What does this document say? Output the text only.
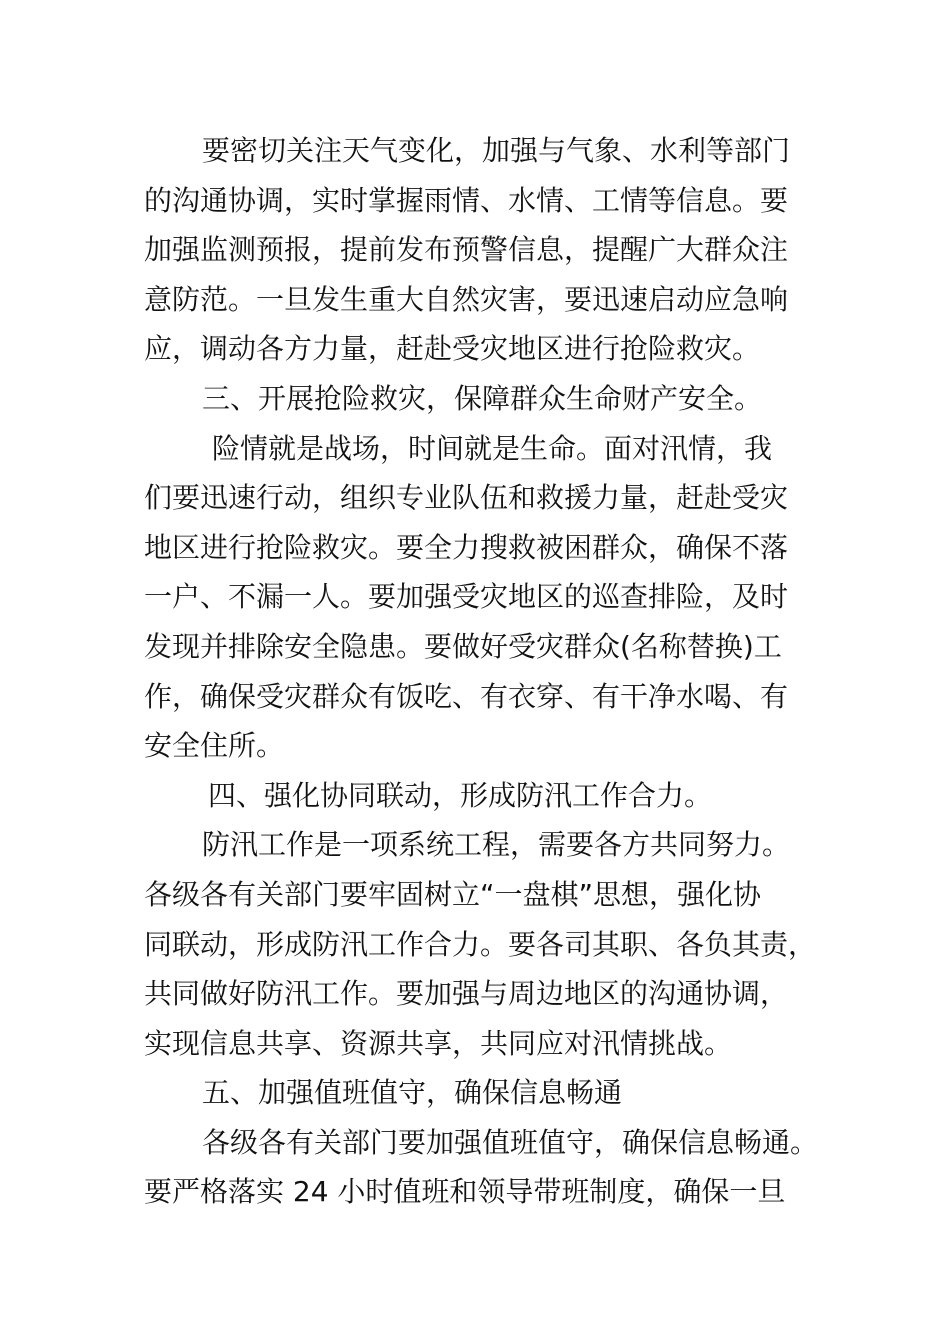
要密切关注天气变化，加强与气象、水利等部门
的沟通协调，实时掌握雨情、水情、工情等信息。要
加强监测预报，提前发布预警信息，提醒广大群众注
意防范。一旦发生重大自然灾害，要迅速启动应急响
应，调动各方力量，赶赴受灾地区进行抢险救灾。
三、开展抢险救灾，保障群众生命财产安全。
险情就是战场，时间就是生命。面对汛情，我
们要迅速行动，组织专业队伍和救援力量，赶赴受灾
地区进行抢险救灾。要全力搜救被困群众，确保不落
一户、不漏一人。要加强受灾地区的巡查排险，及时
发现并排除安全隐患。要做好受灾群众(名称替换)工
作，确保受灾群众有饭吃、有衣穿、有干净水喝、有
安全住所。
四、强化协同联动，形成防汛工作合力。
防汛工作是一项系统工程，需要各方共同努力。
各级各有关部门要牢固树立“一盘棋”思想，强化协
同联动，形成防汛工作合力。要各司其职、各负其责，
共同做好防汛工作。要加强与周边地区的沟通协调，
实现信息共享、资源共享，共同应对汛情挑战。
五、加强值班值守，确保信息畅通
各级各有关部门要加强值班值守，确保信息畅通。
要严格落实 24 小时值班和领导带班制度，确保一旦
